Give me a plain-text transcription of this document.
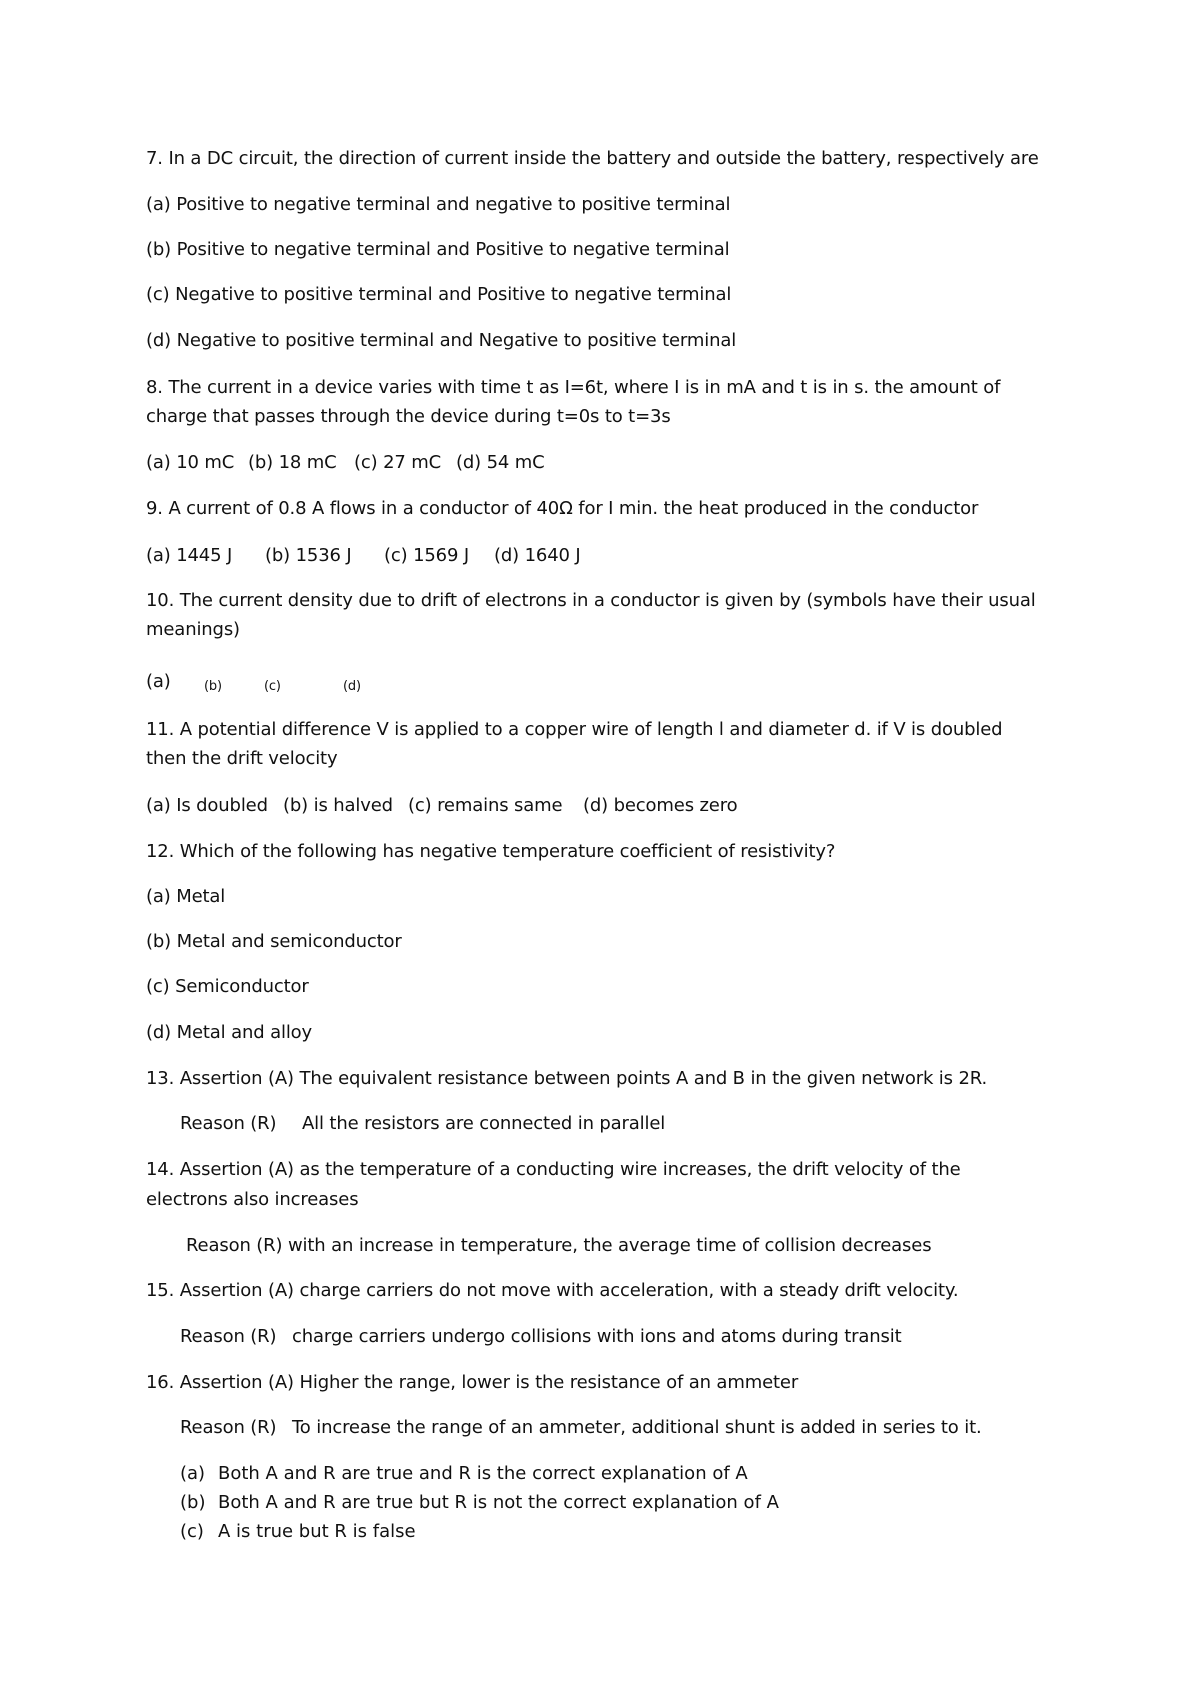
7. In a DC circuit, the direction of current inside the battery and outside the battery, respectively are
(a) Positive to negative terminal and negative to positive terminal
(b) Positive to negative terminal and Positive to negative terminal
(c) Negative to positive terminal and Positive to negative terminal
(d) Negative to positive terminal and Negative to positive terminal
8. The current in a device varies with time t as I=6t, where I is in mA and t is in s. the amount of
charge that passes through the device during t=0s to t=3s
(a) 10 mC (b) 18 mC (c) 27 mC (d) 54 mC
9. A current of 0.8 A flows in a conductor of 40Ω for I min. the heat produced in the conductor
(a) 1445 J (b) 1536 J (c) 1569 J (d) 1640 J
10. The current density due to drift of electrons in a conductor is given by (symbols have their usual
meanings)
(a)	(b)	(c)	(d)
11. A potential difference V is applied to a copper wire of length l and diameter d. if V is doubled
then the drift velocity
(a) Is doubled (b) is halved (c) remains same (d) becomes zero
12. Which of the following has negative temperature coefficient of resistivity?
(a) Metal
(b) Metal and semiconductor
(c) Semiconductor
(d) Metal and alloy
13. Assertion (A) The equivalent resistance between points A and B in the given network is 2R.
Reason (R) All the resistors are connected in parallel
14. Assertion (A) as the temperature of a conducting wire increases, the drift velocity of the
electrons also increases
Reason (R) with an increase in temperature, the average time of collision decreases
15. Assertion (A) charge carriers do not move with acceleration, with a steady drift velocity.
Reason (R) charge carriers undergo collisions with ions and atoms during transit
16. Assertion (A) Higher the range, lower is the resistance of an ammeter
Reason (R) To increase the range of an ammeter, additional shunt is added in series to it.
(a) Both A and R are true and R is the correct explanation of A
(b) Both A and R are true but R is not the correct explanation of A
(c) A is true but R is false
